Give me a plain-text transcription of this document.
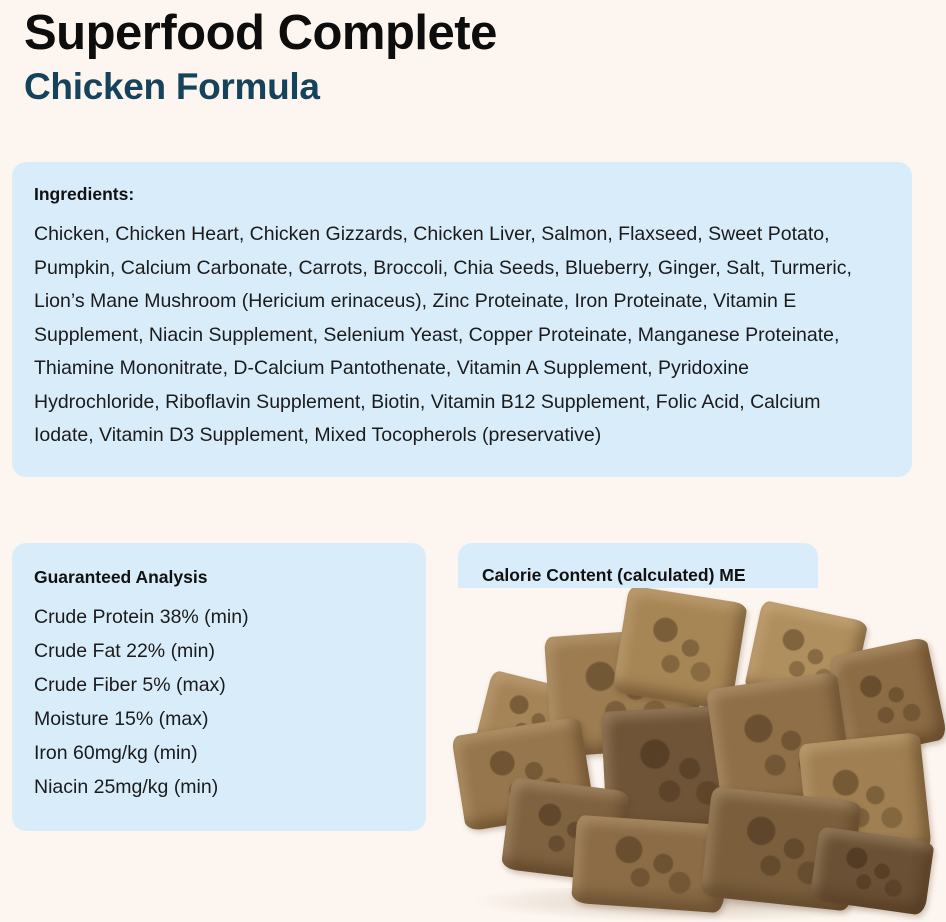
Superfood Complete
Chicken Formula
Ingredients:
Chicken, Chicken Heart, Chicken Gizzards, Chicken Liver, Salmon, Flaxseed, Sweet Potato, Pumpkin, Calcium Carbonate, Carrots, Broccoli, Chia Seeds, Blueberry, Ginger, Salt, Turmeric, Lion’s Mane Mushroom (Hericium erinaceus), Zinc Proteinate, Iron Proteinate, Vitamin E Supplement, Niacin Supplement, Selenium Yeast, Copper Proteinate, Manganese Proteinate, Thiamine Mononitrate, D-Calcium Pantothenate, Vitamin A Supplement, Pyridoxine Hydrochloride, Riboflavin Supplement, Biotin, Vitamin B12 Supplement, Folic Acid, Calcium Iodate, Vitamin D3 Supplement, Mixed Tocopherols (preservative)
Guaranteed Analysis
Crude Protein 38% (min)
Crude Fat 22% (min)
Crude Fiber 5% (max)
Moisture 15% (max)
Iron 60mg/kg (min)
Niacin 25mg/kg (min)
Calorie Content (calculated) ME
